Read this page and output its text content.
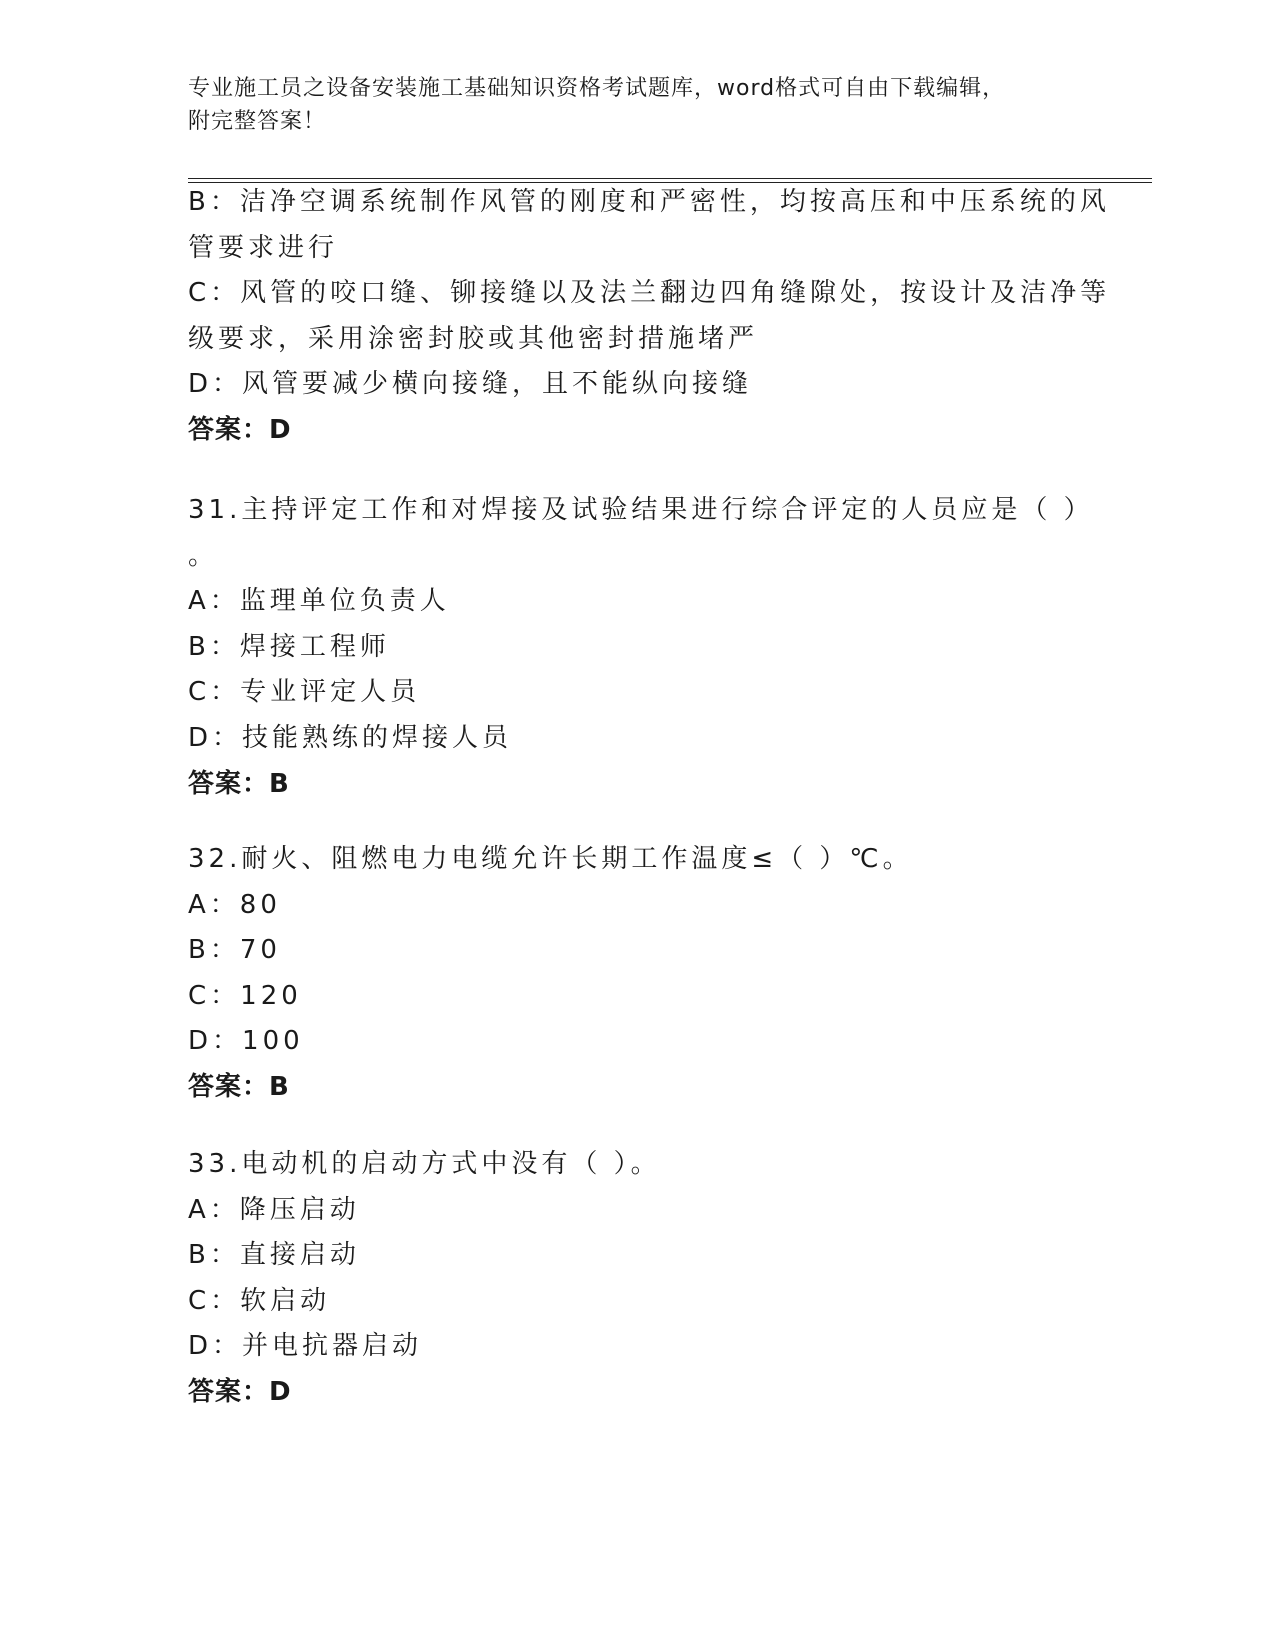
专业施工员之设备安装施工基础知识资格考试题库，word格式可自由下载编辑，
附完整答案！
B：洁净空调系统制作风管的刚度和严密性，均按高压和中压系统的风
管要求进行
C：风管的咬口缝、铆接缝以及法兰翻边四角缝隙处，按设计及洁净等
级要求，采用涂密封胶或其他密封措施堵严
D：风管要减少横向接缝，且不能纵向接缝
答案：D
31.主持评定工作和对焊接及试验结果进行综合评定的人员应是（ ）
。
A：监理单位负责人
B：焊接工程师
C：专业评定人员
D：技能熟练的焊接人员
答案：B
32.耐火、阻燃电力电缆允许长期工作温度≤（ ）℃。
A：80
B：70
C：120
D：100
答案：B
33.电动机的启动方式中没有（ ）。
A：降压启动
B：直接启动
C：软启动
D：并电抗器启动
答案：D
